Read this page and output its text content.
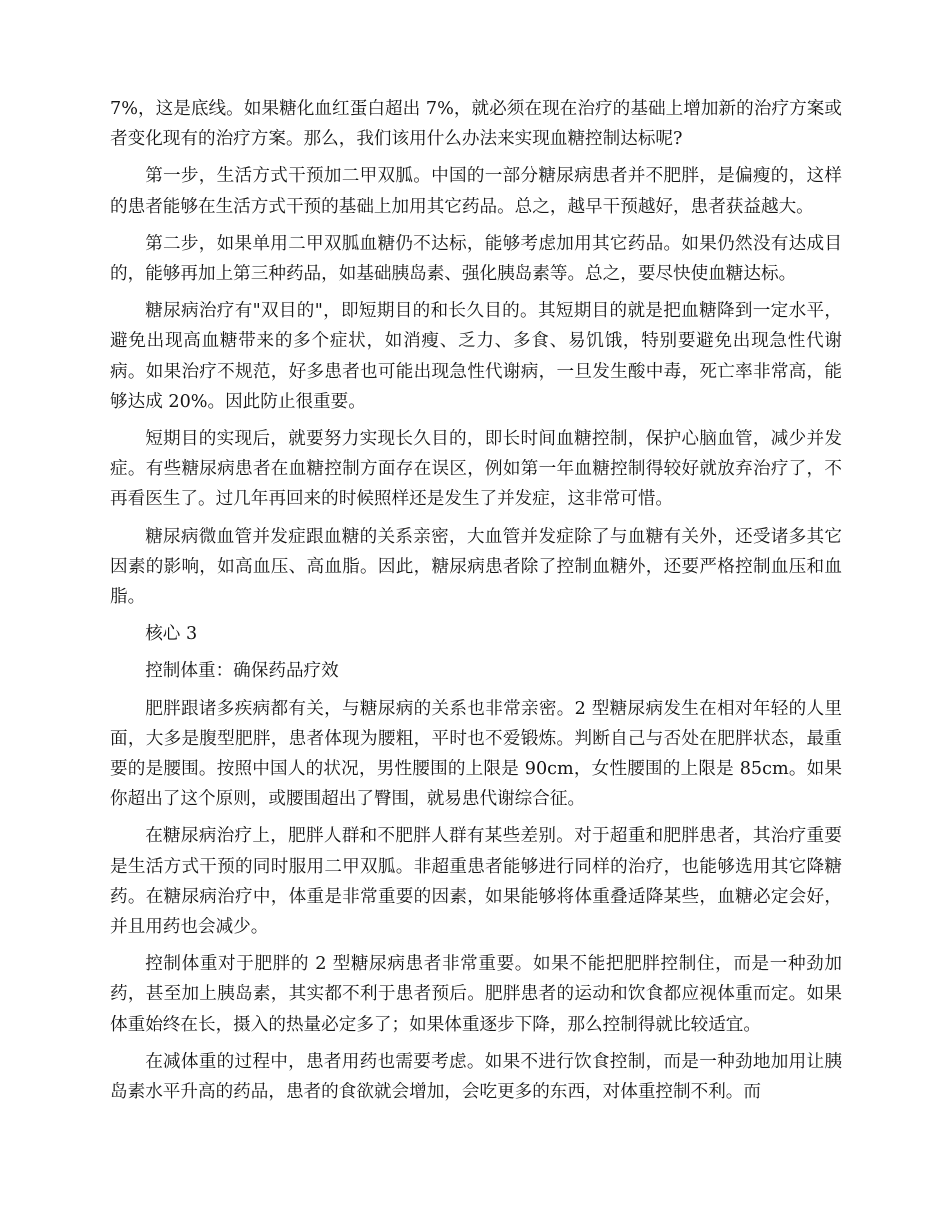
7%，这是底线。如果糖化血红蛋白超出 7%，就必须在现在治疗的基础上增加新的治疗方案或者变化现有的治疗方案。那么，我们该用什么办法来实现血糖控制达标呢?

第一步，生活方式干预加二甲双胍。中国的一部分糖尿病患者并不肥胖，是偏瘦的，这样的患者能够在生活方式干预的基础上加用其它药品。总之，越早干预越好，患者获益越大。

第二步，如果单用二甲双胍血糖仍不达标，能够考虑加用其它药品。如果仍然没有达成目的，能够再加上第三种药品，如基础胰岛素、强化胰岛素等。总之，要尽快使血糖达标。

糖尿病治疗有"双目的"，即短期目的和长久目的。其短期目的就是把血糖降到一定水平，避免出现高血糖带来的多个症状，如消瘦、乏力、多食、易饥饿，特别要避免出现急性代谢病。如果治疗不规范，好多患者也可能出现急性代谢病，一旦发生酸中毒，死亡率非常高，能够达成 20%。因此防止很重要。

短期目的实现后，就要努力实现长久目的，即长时间血糖控制，保护心脑血管，减少并发症。有些糖尿病患者在血糖控制方面存在误区，例如第一年血糖控制得较好就放弃治疗了，不再看医生了。过几年再回来的时候照样还是发生了并发症，这非常可惜。

糖尿病微血管并发症跟血糖的关系亲密，大血管并发症除了与血糖有关外，还受诸多其它因素的影响，如高血压、高血脂。因此，糖尿病患者除了控制血糖外，还要严格控制血压和血脂。

核心 3

控制体重：确保药品疗效

肥胖跟诸多疾病都有关，与糖尿病的关系也非常亲密。2 型糖尿病发生在相对年轻的人里面，大多是腹型肥胖，患者体现为腰粗，平时也不爱锻炼。判断自己与否处在肥胖状态，最重要的是腰围。按照中国人的状况，男性腰围的上限是 90cm，女性腰围的上限是 85cm。如果你超出了这个原则，或腰围超出了臀围，就易患代谢综合征。

在糖尿病治疗上，肥胖人群和不肥胖人群有某些差别。对于超重和肥胖患者，其治疗重要是生活方式干预的同时服用二甲双胍。非超重患者能够进行同样的治疗，也能够选用其它降糖药。在糖尿病治疗中，体重是非常重要的因素，如果能够将体重叠适降某些，血糖必定会好，并且用药也会减少。

控制体重对于肥胖的 2 型糖尿病患者非常重要。如果不能把肥胖控制住，而是一种劲加药，甚至加上胰岛素，其实都不利于患者预后。肥胖患者的运动和饮食都应视体重而定。如果体重始终在长，摄入的热量必定多了；如果体重逐步下降，那么控制得就比较适宜。

在减体重的过程中，患者用药也需要考虑。如果不进行饮食控制，而是一种劲地加用让胰岛素水平升高的药品，患者的食欲就会增加，会吃更多的东西，对体重控制不利。而
